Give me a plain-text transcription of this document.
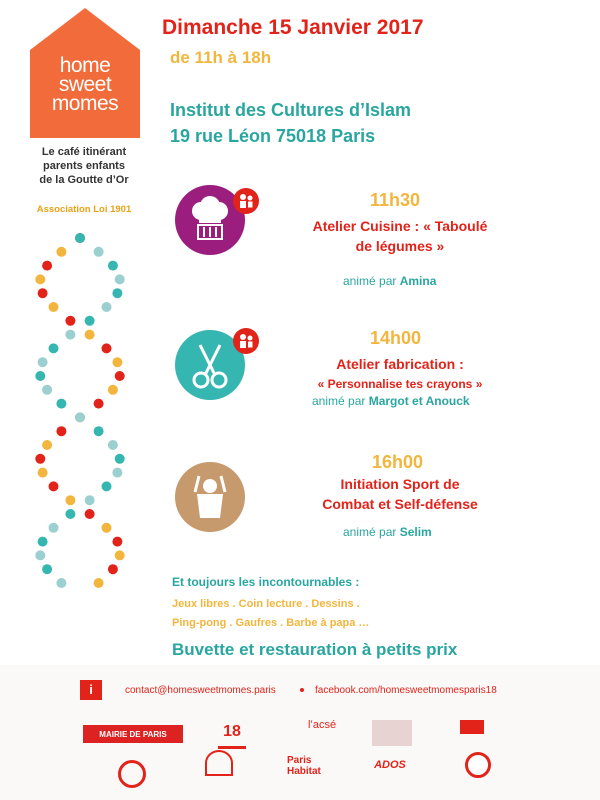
home
sweet
momes
Le café itinérant
parents enfants
de la Goutte d’Or
Association Loi 1901
Dimanche 15 Janvier 2017
de 11h à 18h
Institut des Cultures d’Islam
19 rue Léon 75018 Paris
11h30
Atelier Cuisine : « Taboulé
de légumes »
animé par Amina
14h00
Atelier fabrication :
« Personnalise tes crayons »
animé par Margot et Anouck
16h00
Initiation Sport de
Combat et Self-défense
animé par Selim
Et toujours les incontournables :
Jeux libres . Coin lecture . Dessins .
Ping-pong . Gaufres . Barbe à papa …
Buvette et restauration à petits prix
i	contact@homesweetmomes.paris	facebook.com/homesweetmomesparis18
MAIRIE DE PARIS	18	l’acsé
Paris Habitat
ADOS
